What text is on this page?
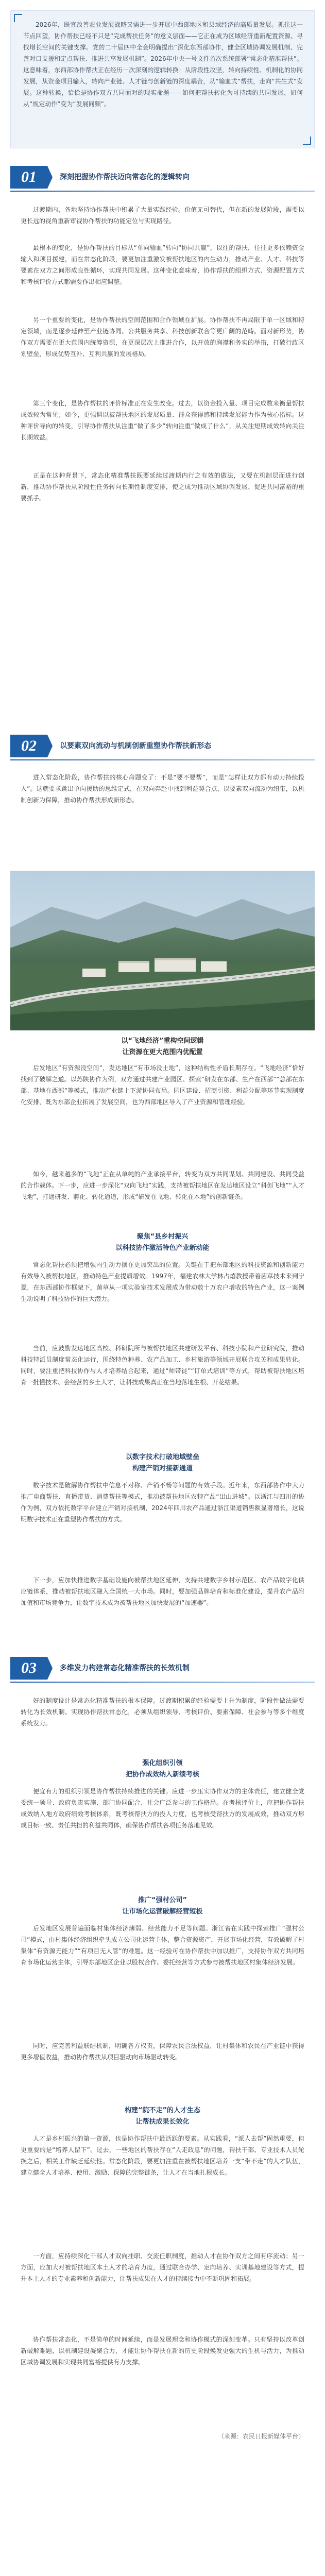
2026年，既宜改善农业发展战略又需进一步开展中西部地区和县域经济的高质量发展。抓住这一节点回望，协作帮扶已经不只是“完成帮扶任务”的意义层面——它正在成为区域经济重新配置资源、寻找增长空间的关键支撑。党的二十届四中全会明确提出“深化东西部协作，健全区域协调发展机制、完善对口支援和定点帮扶、推进共享发展机制”。2026年中央一号文件首次系统部署“常态化精准帮扶”。这意味着，东西部协作帮扶正在经历一次深刻的逻辑转换：从阶段性攻坚，转向持续性、机制化的协同发展，从资金项目输入，转向产业链、人才链与创新链的深度耦合，从“输血式”帮扶，走向“共生式”发展。这种转换，恰恰是协作双方共同面对的现实命题——如何把帮扶转化为可持续的共同发展，如何从“规定动作”变为“发展同频”。
01	深刻把握协作帮扶迈向常态化的逻辑转向
过渡期内，各地坚持协作帮扶中积累了大量实践经验。价值无可替代，但在新的发展阶段，需要以更长远的视角重新审视协作帮扶的功能定位与实现路径。
最根本的变化，是协作帮扶的目标从“单向输血”转向“协同共赢”，以往的帮扶，往往更多依赖资金输入和项目援建，而在常态化阶段，要更加注重激发被帮扶地区的内生动力，推动产业、人才、科技等要素在双方之间形成良性循环，实现共同发展。这种变化意味着，协作帮扶的组织方式、资源配置方式和考核评价方式都需要作出相应调整。
另一个重要的变化，是协作帮扶的空间范围和合作领域在扩展。协作帮扶不再局限于单一区域和特定领域，而是逐步延伸至产业链协同、公共服务共享、科技创新联合等更广阔的范畴。面对新形势，协作双方需要在更大范围内统筹资源，在更深层次上推进合作，以开放的胸襟和务实的举措，打破行政区划壁垒，形成优势互补、互利共赢的发展格局。
第三个变化，是协作帮扶的评价标准正在发生改变。过去，以资金投入量、项目完成数来衡量帮扶成效较为常见；如今，更强调以被帮扶地区的发展质量、群众获得感和持续发展能力作为核心指标。这种评价导向的转变，引导协作帮扶从注重“做了多少”转向注重“做成了什么”，从关注短期成效转向关注长期效益。
正是在这种背景下，常态化精准帮扶既要延续过渡期内行之有效的做法，又要在机制层面进行创新，推动协作帮扶从阶段性任务转向长期性制度安排，使之成为推动区域协调发展、促进共同富裕的重要抓手。
02	以要素双向流动与机制创新重塑协作帮扶新形态
进入常态化阶段，协作帮扶的核心命题变了：不是“要不要帮”，而是“怎样让双方都有动力持续投入”。这就要求跳出单向援助的思维定式，在双向奔赴中找到利益契合点，以要素双向流动为纽带，以机制创新为保障，推动协作帮扶形成新形态。
以“飞地经济”重构空间逻辑
让资源在更大范围内优配置
后发地区“有资源没空间”，发达地区“有市场没土地”，这种结构性矛盾长期存在。“飞地经济”恰好找到了破解之道。以苏陕协作为例，双方通过共建产业园区、探索“研发在东部、生产在西部”“总部在东部、基地在西部”等模式，推动产业链上下游协同布局。园区建设、招商引资、利益分配等环节实现制度化安排，既为东部企业拓展了发展空间，也为西部地区导入了产业资源和管理经验。
如今，越来越多的“飞地”正在从单纯的产业承接平台，转变为双方共同谋划、共同建设、共同受益的合作载体。下一步，应进一步深化“双向飞地”实践，支持被帮扶地区在发达地区设立“科创飞地”“人才飞地”，打通研发、孵化、转化通道，形成“研发在飞地、转化在本地”的创新链条。
聚焦“县乡村振兴
以科技协作激活特色产业新动能
常态化帮扶必须把增强内生动力摆在更加突出的位置。关键在于把东部地区的科技资源和创新能力有效导入被帮扶地区，推动特色产业提质增效。1997年，福建农林大学林占熺教授带着菌草技术来到宁夏，在东西部协作框架下，菌草从一项实验室技术发展成为带动数十万农户增收的特色产业，这一案例生动说明了科技协作的巨大潜力。
当前，应鼓励发达地区高校、科研院所与被帮扶地区共建研发平台、科技小院和产业研究院，推动科技特派员制度常态化运行，围绕特色种养、农产品加工、乡村旅游等领域开展联合攻关和成果转化。同时，要注重把科技协作与人才培养结合起来，通过“师带徒”“订单式培训”等方式，帮助被帮扶地区培育一批懂技术、会经营的乡土人才，让科技成果真正在当地落地生根、开花结果。
以数字技术打破地域壁垒
构建产销对接新通道
数字技术是破解协作帮扶中信息不对称、产销不畅等问题的有效手段。近年来，东西部协作中大力推广电商帮扶、直播带货、消费帮扶等模式，推动被帮扶地区农特产品“出山进城”。以浙江与四川的协作为例，双方依托数字平台建立产销对接机制，2024年四川农产品通过浙江渠道销售额显著增长，这说明数字技术正在重塑协作帮扶的方式。
下一步，应加快推进数字基础设施向被帮扶地区延伸，支持共建数字乡村示范区、农产品数字化供应链体系，推动被帮扶地区融入全国统一大市场。同时，要加强品牌培育和标准化建设，提升农产品附加值和市场竞争力，让数字技术成为被帮扶地区加快发展的“加速器”。
03	多维发力构建常态化精准帮扶的长效机制
好的制度设计是常态化精准帮扶的根本保障。过渡期积累的经验需要上升为制度，阶段性做法需要转化为长效机制。实现协作帮扶常态化，必须从组织领导、考核评价、要素保障、社会参与等多个维度系统发力。
强化组织引领
把协作成效纳入新绩考核
便宜有力的组织引领是协作帮扶持续推进的关键。应进一步压实协作双方的主体责任，建立健全党委统一领导、政府负责实施、部门协同配合、社会广泛参与的工作格局。在考核评价上，应把协作帮扶成效纳入地方政府绩效考核体系，既考核帮扶方的投入力度，也考核受帮扶方的发展成效，推动双方形成目标一致、责任共担的利益共同体，确保协作帮扶各项任务落地见效。
推广“强村公司”
让市场化运营破解经营短板
后发地区发展普遍面临村集体经济薄弱、经营能力不足等问题。浙江省在实践中探索推广“强村公司”模式，由村集体经济组织牵头成立公司化运营主体，整合资源资产，开展市场化经营，有效破解了村集体“有资源无能力”“有项目无人管”的难题。这一经验可在协作帮扶中加以推广，支持协作双方共同培育市场化运营主体，引导东部地区企业以股权合作、委托经营等方式参与被帮扶地区村集体经济发展。
同时，应完善利益联结机制，明确各方权责，保障农民合法权益，让村集体和农民在产业链中获得更多增值收益，推动协作帮扶从项目驱动向市场驱动转变。
构建“院不走”的人才生态
让帮扶成果长效化
人才是乡村振兴的第一资源，也是协作帮扶中最活跃的要素。从实践看，“派人去帮”固然重要，但更重要的是“培养人留下”。过去，一些地区的帮扶存在“人走政息”的问题，帮扶干部、专业技术人员轮换之后，相关工作缺乏延续性。常态化阶段，要更加注重在被帮扶地区培养一支“带不走”的人才队伍，建立健全人才培养、使用、激励、保障的完整链条，让人才在当地扎根成长。
一方面，应持续深化干部人才双向挂职、交流任职制度，推动人才在协作双方之间有序流动；另一方面，应加大对被帮扶地区本土人才的培育力度，通过联合办学、定向培养、实训基地建设等方式，提升本土人才的专业素养和创新能力，让帮扶成果在人才的持续接力中不断巩固和拓展。
协作帮扶常态化，不是简单的时间延续，而是发展理念和协作模式的深刻变革。只有坚持以改革创新破解难题，以机制建设凝聚合力，才能让协作帮扶在新的历史阶段焕发更强大的生机与活力，为推动区域协调发展和实现共同富裕提供有力支撑。
（来源：农民日报新媒体平台）
